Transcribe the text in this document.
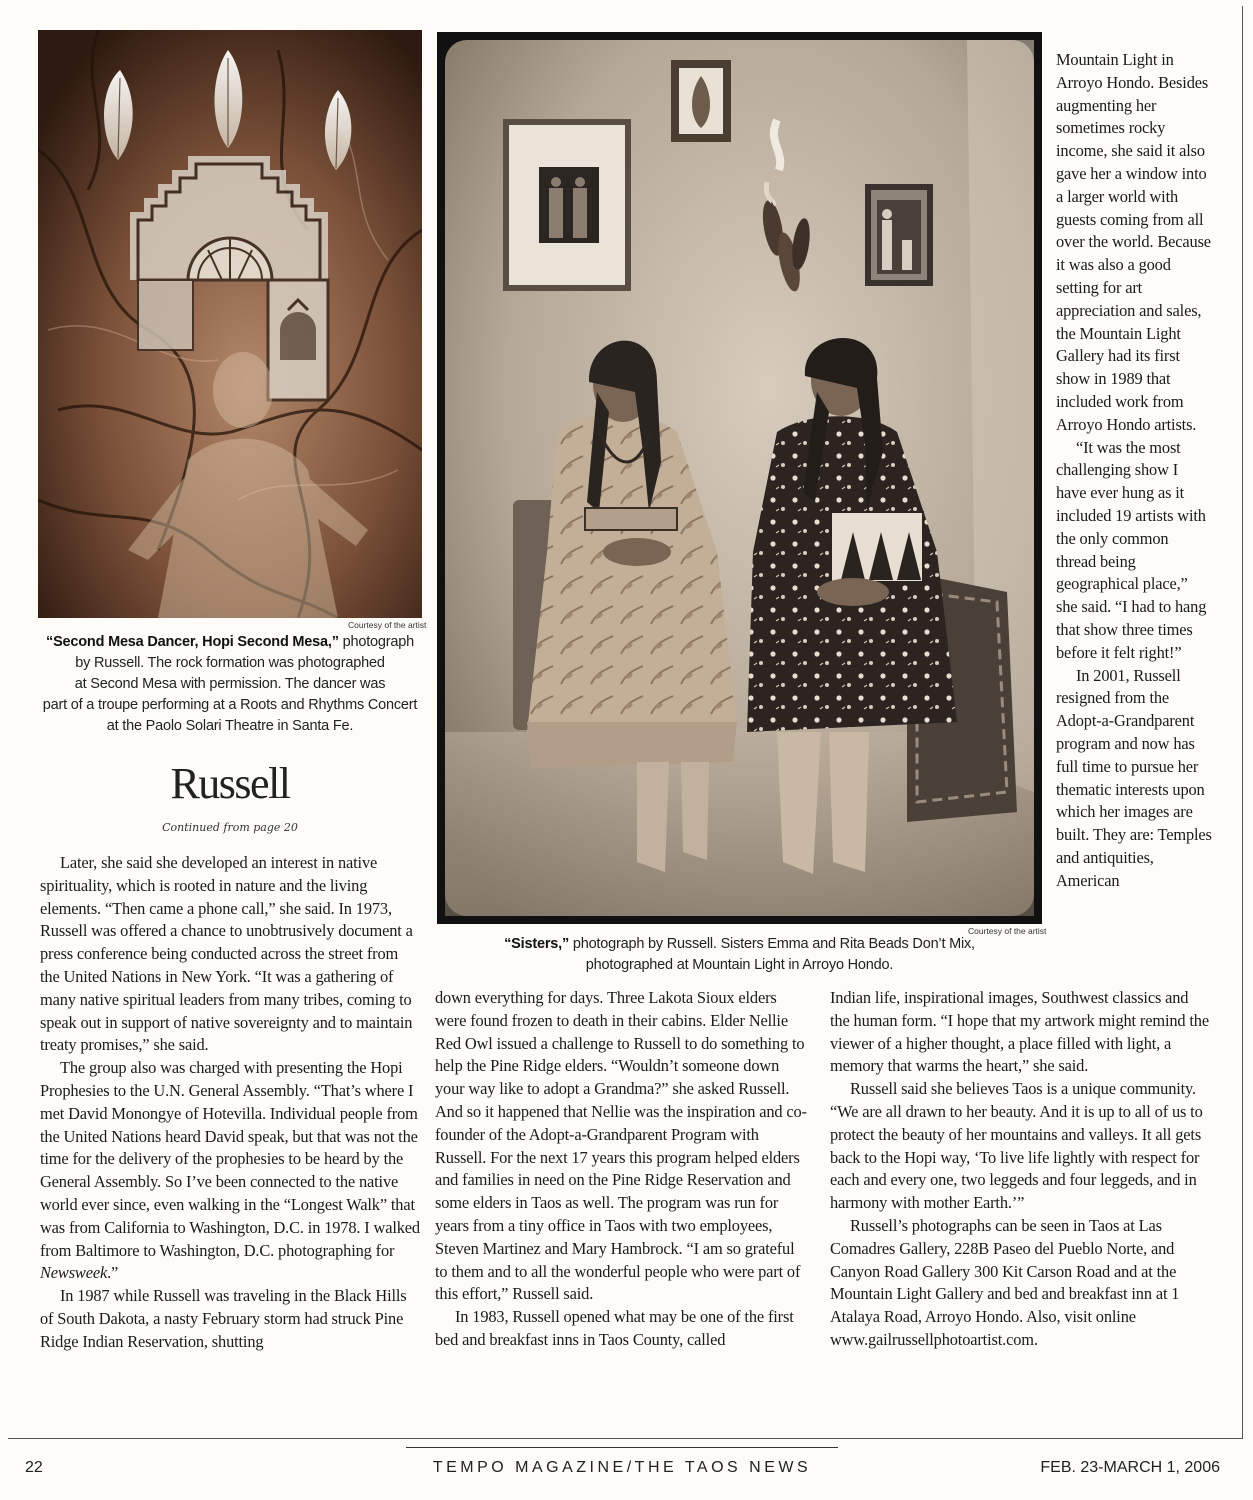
Courtesy of the artist
“Second Mesa Dancer, Hopi Second Mesa,” photograph
by Russell. The rock formation was photographed
at Second Mesa with permission. The dancer was
part of a troupe performing at a Roots and Rhythms Concert
at the Paolo Solari Theatre in Santa Fe.
Courtesy of the artist
“Sisters,” photograph by Russell. Sisters Emma and Rita Beads Don’t Mix,
photographed at Mountain Light in Arroyo Hondo.
Russell
Continued from page 20

Later, she said she developed an interest in native spirituality, which is rooted in nature and the living elements. “Then came a phone call,” she said. In 1973, Russell was offered a chance to unobtrusively document a press conference being conducted across the street from the United Nations in New York. “It was a gathering of many native spiritual leaders from many tribes, coming to speak out in support of native sovereignty and to maintain treaty promises,” she said.

The group also was charged with presenting the Hopi Prophesies to the U.N. General Assembly. “That’s where I met David Monongye of Hotevilla. Individual people from the United Nations heard David speak, but that was not the time for the delivery of the prophesies to be heard by the General Assembly. So I’ve been connected to the native world ever since, even walking in the “Longest Walk” that was from California to Washington, D.C. in 1978. I walked from Baltimore to Washington, D.C. photographing for Newsweek.”

In 1987 while Russell was traveling in the Black Hills of South Dakota, a nasty February storm had struck Pine Ridge Indian Reservation, shutting

down everything for days. Three Lakota Sioux elders were found frozen to death in their cabins. Elder Nellie Red Owl issued a challenge to Russell to do something to help the Pine Ridge elders. “Wouldn’t someone down your way like to adopt a Grandma?” she asked Russell. And so it happened that Nellie was the inspiration and co-founder of the Adopt-a-Grandparent Program with Russell. For the next 17 years this program helped elders and families in need on the Pine Ridge Reservation and some elders in Taos as well. The program was run for years from a tiny office in Taos with two employees, Steven Martinez and Mary Hambrock. “I am so grateful to them and to all the wonderful people who were part of this effort,” Russell said.

In 1983, Russell opened what may be one of the first bed and breakfast inns in Taos County, called

Mountain Light in Arroyo Hondo. Besides augmenting her sometimes rocky income, she said it also gave her a window into a larger world with guests coming from all over the world. Because it was also a good setting for art appreciation and sales, the Mountain Light Gallery had its first show in 1989 that included work from Arroyo Hondo artists.

“It was the most challenging show I have ever hung as it included 19 artists with the only common thread being geographical place,” she said. “I had to hang that show three times before it felt right!”

In 2001, Russell resigned from the Adopt-a-Grandparent program and now has full time to pursue her thematic interests upon which her images are built. They are: Temples and antiquities, American

Indian life, inspirational images, Southwest classics and the human form. “I hope that my artwork might remind the viewer of a higher thought, a place filled with light, a memory that warms the heart,” she said.

Russell said she believes Taos is a unique community. “We are all drawn to her beauty. And it is up to all of us to protect the beauty of her mountains and valleys. It all gets back to the Hopi way, ‘To live life lightly with respect for each and every one, two leggeds and four leggeds, and in harmony with mother Earth.’”

Russell’s photographs can be seen in Taos at Las Comadres Gallery, 228B Paseo del Pueblo Norte, and Canyon Road Gallery 300 Kit Carson Road and at the Mountain Light Gallery and bed and breakfast inn at 1 Atalaya Road, Arroyo Hondo. Also, visit online www.gailrussellphotoartist.com.

22	TEMPO MAGAZINE/THE TAOS NEWS	FEB. 23-MARCH 1, 2006
